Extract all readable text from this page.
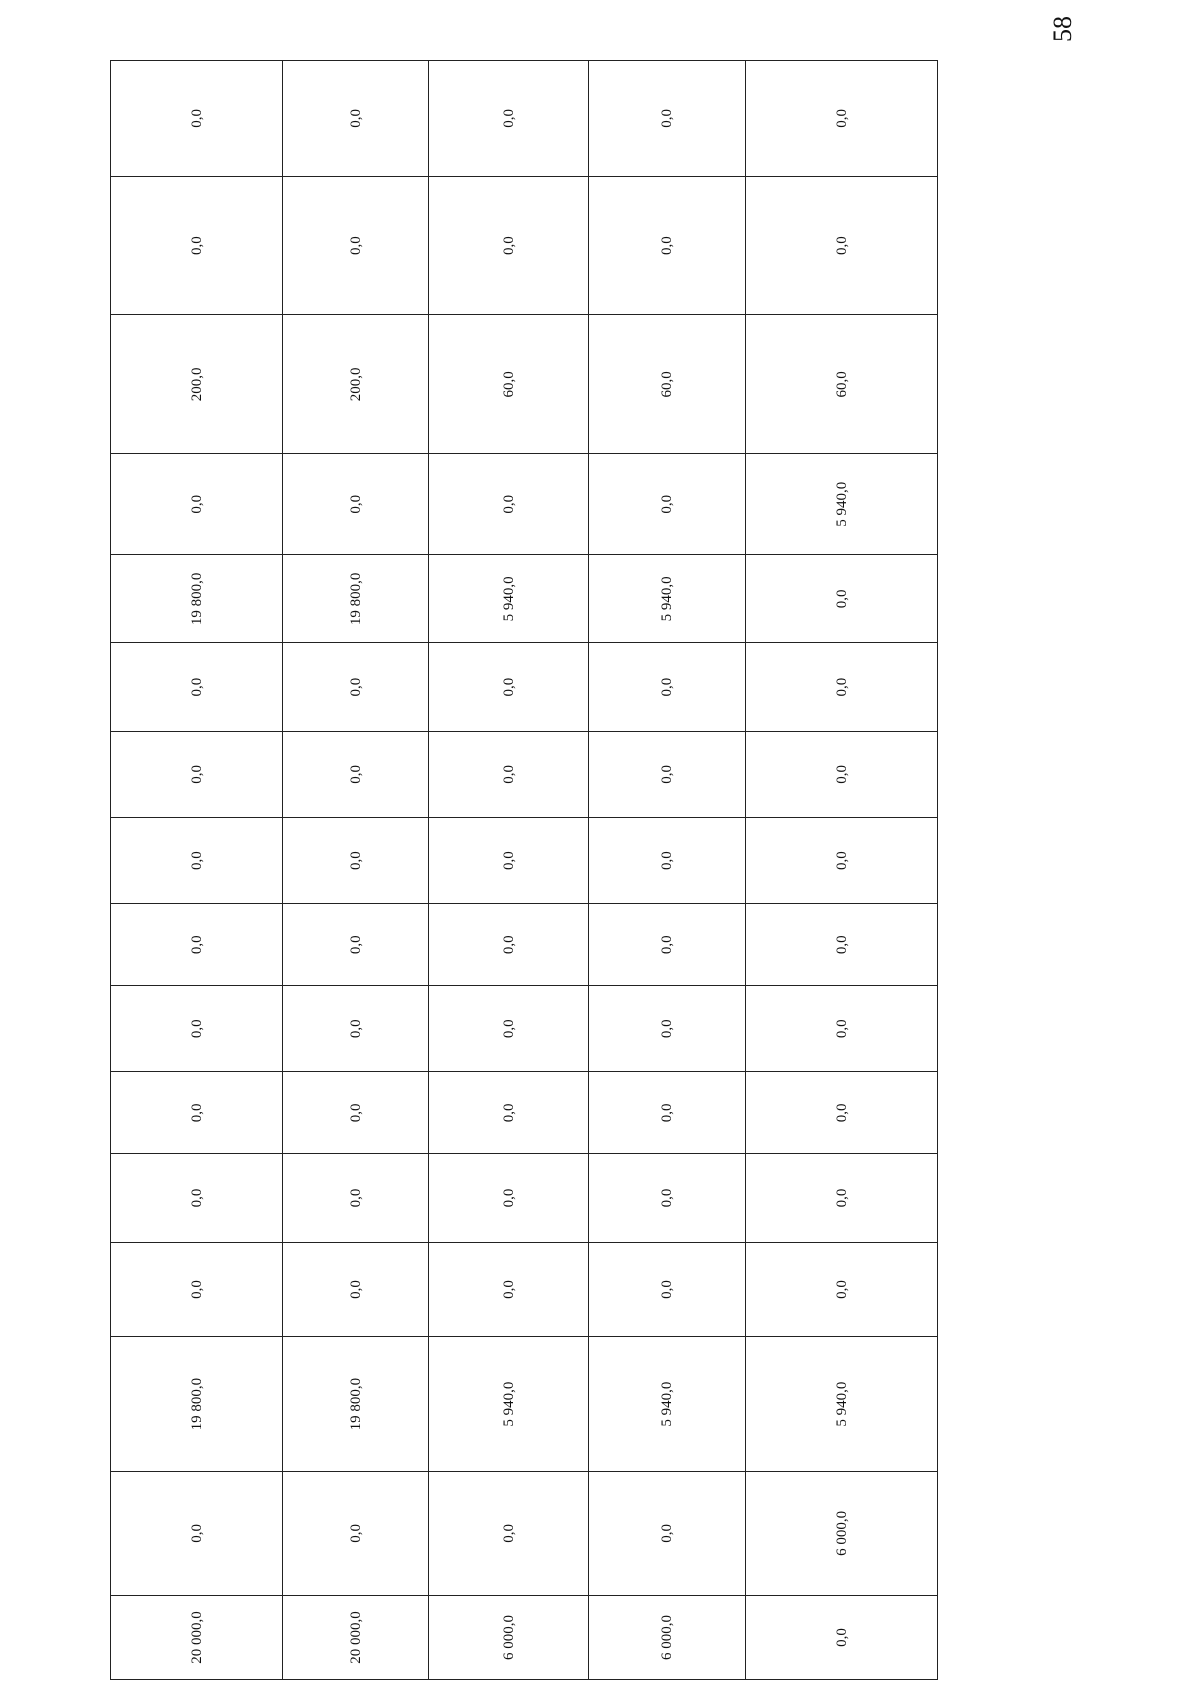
58
20 000,0	0,0	19 800,0	0,0	0,0	0,0	0,0	0,0	0,0	0,0	0,0	19 800,0	0,0	200,0	0,0	0,0
20 000,0	0,0	19 800,0	0,0	0,0	0,0	0,0	0,0	0,0	0,0	0,0	19 800,0	0,0	200,0	0,0	0,0
6 000,0	0,0	5 940,0	0,0	0,0	0,0	0,0	0,0	0,0	0,0	0,0	5 940,0	0,0	60,0	0,0	0,0
6 000,0	0,0	5 940,0	0,0	0,0	0,0	0,0	0,0	0,0	0,0	0,0	5 940,0	0,0	60,0	0,0	0,0
0,0	6 000,0	5 940,0	0,0	0,0	0,0	0,0	0,0	0,0	0,0	0,0	0,0	5 940,0	60,0	0,0	0,0
